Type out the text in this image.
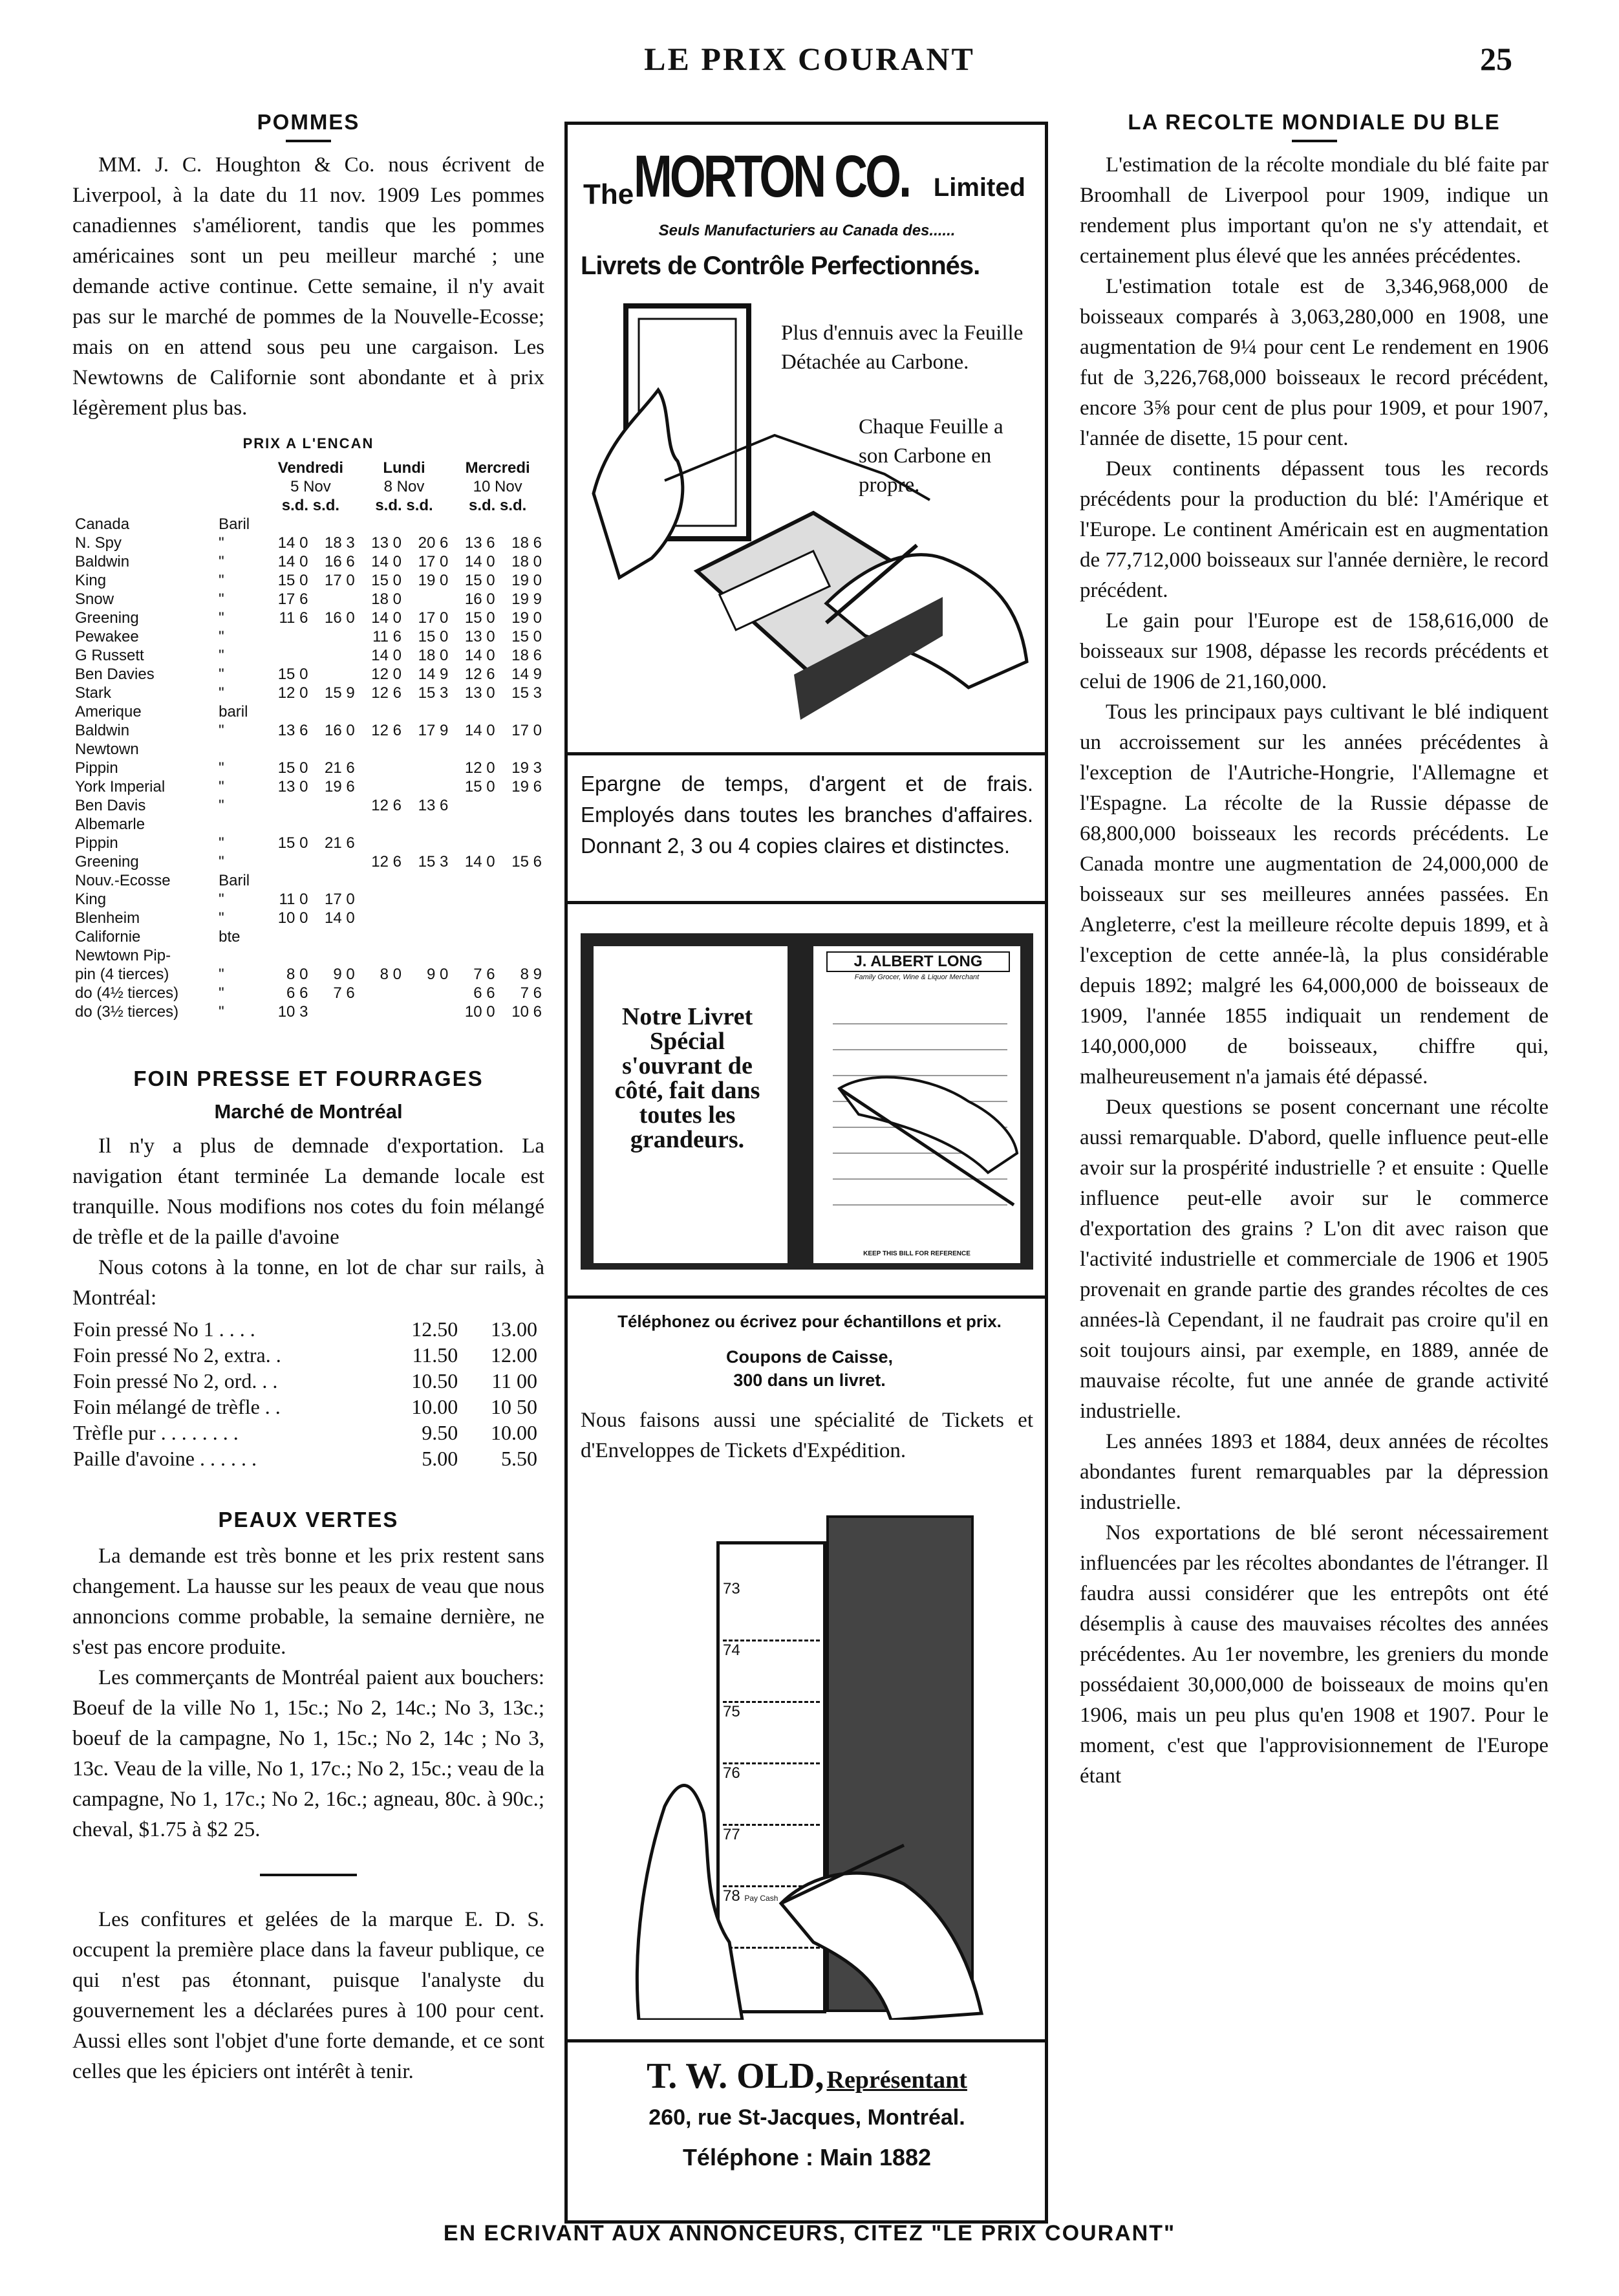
LE PRIX COURANT	25
POMMES

MM. J. C. Houghton & Co. nous écrivent de Liverpool, à la date du 11 nov. 1909 Les pommes canadiennes s'améliorent, tandis que les pommes américaines sont un peu meilleur marché ; une demande active continue. Cette semaine, il n'y avait pas sur le marché de pommes de la Nouvelle-Ecosse; mais on en attend sous peu une cargaison. Les Newtowns de Californie sont abondante et à prix légèrement plus bas.

PRIX A L'ENCAN
		Vendredi		Lundi		Mercredi	
		5 Nov		8 Nov		10 Nov	
		s.d. s.d.		s.d. s.d.		s.d. s.d.	
Canada	Baril						
N. Spy	"	14 0	18 3	13 0	20 6	13 6	18 6
Baldwin	"	14 0	16 6	14 0	17 0	14 0	18 0
King	"	15 0	17 0	15 0	19 0	15 0	19 0
Snow	"	17 6		18 0		16 0	19 9
Greening	"	11 6	16 0	14 0	17 0	15 0	19 0
Pewakee	"			11 6	15 0	13 0	15 0
G Russett	"			14 0	18 0	14 0	18 6
Ben Davies	"	15 0		12 0	14 9	12 6	14 9
Stark	"	12 0	15 9	12 6	15 3	13 0	15 3
Amerique	baril						
Baldwin	"	13 6	16 0	12 6	17 9	14 0	17 0
Newtown							
Pippin	"	15 0	21 6			12 0	19 3
York Imperial	"	13 0	19 6			15 0	19 6
Ben Davis	"			12 6	13 6		
Albemarle							
Pippin	"	15 0	21 6				
Greening	"			12 6	15 3	14 0	15 6
Nouv.-Ecosse	Baril						
King	"	11 0	17 0				
Blenheim	"	10 0	14 0				
Californie	bte						
Newtown Pip-							
pin (4 tierces)	"	8 0	9 0	8 0	9 0	7 6	8 9
do (4½ tierces)	"	6 6	7 6			6 6	7 6
do (3½ tierces)	"	10 3				10 0	10 6
FOIN PRESSE ET FOURRAGES
Marché de Montréal

Il n'y a plus de demnade d'exportation. La navigation étant terminée La demande locale est tranquille. Nous modifions nos cotes du foin mélangé de trèfle et de la paille d'avoine

Nous cotons à la tonne, en lot de char sur rails, à Montréal:

Foin pressé No 1 . . . .	12.50	13.00
Foin pressé No 2, extra. .	11.50	12.00
Foin pressé No 2, ord. . .	10.50	11 00
Foin mélangé de trèfle . .	10.00	10 50
Trèfle pur . . . . . . . .	9.50	10.00
Paille d'avoine . . . . . .	5.00	5.50
PEAUX VERTES

La demande est très bonne et les prix restent sans changement. La hausse sur les peaux de veau que nous annoncions comme probable, la semaine dernière, ne s'est pas encore produite.

Les commerçants de Montréal paient aux bouchers: Boeuf de la ville No 1, 15c.; No 2, 14c.; No 3, 13c.; boeuf de la campagne, No 1, 15c.; No 2, 14c ; No 3, 13c. Veau de la ville, No 1, 17c.; No 2, 15c.; veau de la campagne, No 1, 17c.; No 2, 16c.; agneau, 80c. à 90c.; cheval, $1.75 à $2 25.

Les confitures et gelées de la marque E. D. S. occupent la première place dans la faveur publique, ce qui n'est pas étonnant, puisque l'analyste du gouvernement les a déclarées pures à 100 pour cent. Aussi elles sont l'objet d'une forte demande, et ce sont celles que les épiciers ont intérêt à tenir.

TheMORTON CO. Limited
Seuls Manufacturiers au Canada des......
Livrets de Contrôle Perfectionnés.
Plus d'ennuis avec la Feuille Détachée au Carbone.
Chaque Feuille a son Carbone en propre.
Epargne de temps, d'argent et de frais. Employés dans toutes les branches d'affaires. Donnant 2, 3 ou 4 copies claires et distinctes.
Notre Livret Spécial s'ouvrant de côté, fait dans toutes les grandeurs.
J. ALBERT LONG
Family Grocer, Wine & Liquor Merchant
KEEP THIS BILL FOR REFERENCE
Téléphonez ou écrivez pour échantillons et prix.
Coupons de Caisse,
300 dans un livret.
Nous faisons aussi une spécialité de Tickets et d'Enveloppes de Tickets d'Expédition.
73
74
75
76
77
78 Pay Cash
T. W. OLD, Représentant
260, rue St-Jacques, Montréal.
Téléphone : Main 1882
LA RECOLTE MONDIALE DU BLE

L'estimation de la récolte mondiale du blé faite par Broomhall de Liverpool pour 1909, indique un rendement plus important qu'on ne s'y attendait, et certainement plus élevé que les années précédentes.

L'estimation totale est de 3,346,968,000 de boisseaux comparés à 3,063,280,000 en 1908, une augmentation de 9¼ pour cent Le rendement en 1906 fut de 3,226,768,000 boisseaux le record précédent, encore 3⅝ pour cent de plus pour 1909, et pour 1907, l'année de disette, 15 pour cent.

Deux continents dépassent tous les records précédents pour la production du blé: l'Amérique et l'Europe. Le continent Américain est en augmentation de 77,712,000 boisseaux sur l'année dernière, le record précédent.

Le gain pour l'Europe est de 158,616,000 de boisseaux sur 1908, dépasse les records précédents et celui de 1906 de 21,160,000.

Tous les principaux pays cultivant le blé indiquent un accroissement sur les années précédentes à l'exception de l'Autriche-Hongrie, l'Allemagne et l'Espagne. La récolte de la Russie dépasse de 68,800,000 boisseaux les records précédents. Le Canada montre une augmentation de 24,000,000 de boisseaux sur ses meilleures années passées. En Angleterre, c'est la meilleure récolte depuis 1899, et à l'exception de cette année-là, la plus considérable depuis 1892; malgré les 64,000,000 de boisseaux de 1909, l'année 1855 indiquait un rendement de 140,000,000 de boisseaux, chiffre qui, malheureusement n'a jamais été dépassé.

Deux questions se posent concernant une récolte aussi remarquable. D'abord, quelle influence peut-elle avoir sur la prospérité industrielle ? et ensuite : Quelle influence peut-elle avoir sur le commerce d'exportation des grains ? L'on dit avec raison que l'activité industrielle et commerciale de 1906 et 1905 provenait en grande partie des grandes récoltes de ces années-là Cependant, il ne faudrait pas croire qu'il en soit toujours ainsi, par exemple, en 1889, année de mauvaise récolte, fut une année de grande activité industrielle.

Les années 1893 et 1884, deux années de récoltes abondantes furent remarquables par la dépression industrielle.

Nos exportations de blé seront nécessairement influencées par les récoltes abondantes de l'étranger. Il faudra aussi considérer que les entrepôts ont été désemplis à cause des mauvaises récoltes des années précédentes. Au 1er novembre, les greniers du monde possédaient 30,000,000 de boisseaux de moins qu'en 1906, mais un peu plus qu'en 1908 et 1907. Pour le moment, c'est que l'approvisionnement de l'Europe étant

EN ECRIVANT AUX ANNONCEURS, CITEZ "LE PRIX COURANT"
